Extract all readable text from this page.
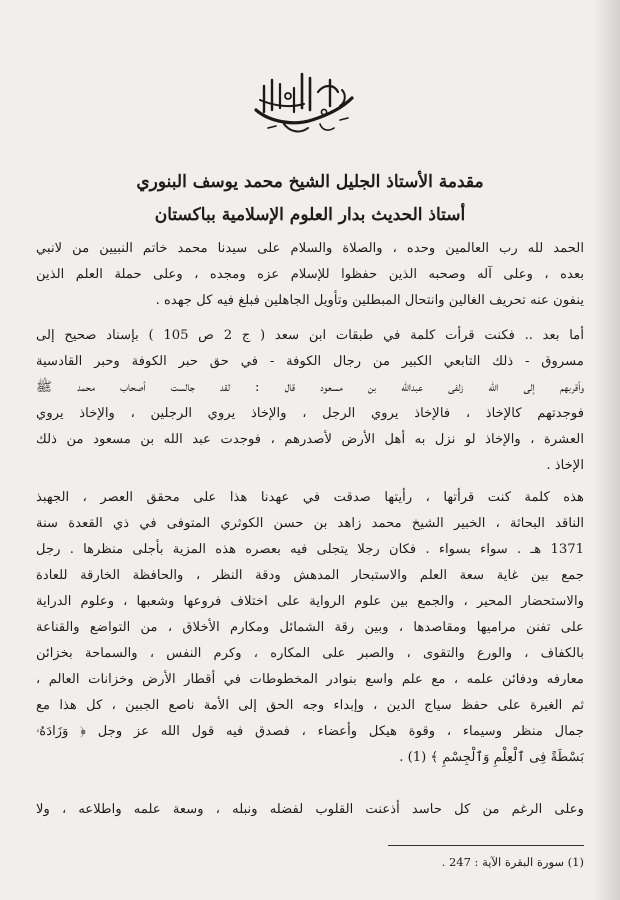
مقدمة الأستاذ الجليل الشيخ محمد يوسف البنوري
أستاذ الحديث بدار العلوم الإسلامية بباكستان
الحمد لله رب العالمين وحده ، والصلاة والسلام على سيدنا محمد خاتم النبيين من لانبي
بعده ، وعلى آله وصحبه الذين حفظوا للإسلام عزه ومجده ، وعلى حملة العلم الذين
ينفون عنه تحريف الغالين وانتحال المبطلين وتأويل الجاهلين فبلغ فيه كل جهده .
أما بعد .. فكنت قرأت كلمة في طبقات ابن سعد ( ج 2 ص 105 ) بإسناد صحيح إلى
مسروق - ذلك التابعي الكبير من رجال الكوفة - في حق حبر الكوفة وحبر القادسية
وأقربهم إلى الله زلفى عبدالله بن مسعود قال : لقد جالست أصحاب محمد ﷺ
فوجدتهم كالإخاذ ، فالإخاذ يروي الرجل ، والإخاذ يروي الرجلين ، والإخاذ يروي
العشرة ، والإخاذ لو نزل به أهل الأرض لأصدرهم ، فوجدت عبد الله بن مسعود من ذلك
الإخاذ .
هذه كلمة كنت قرأتها ، رأيتها صدقت في عهدنا هذا على محقق العصر ، الجهبذ
الناقد البحاثة ، الخبير الشيخ محمد زاهد بن حسن الكوثري المتوفى في ذي القعدة سنة
1371 هـ . سواء بسواء . فكان رجلا يتجلى فيه بعصره هذه المزية بأجلى منظرها . رجل
جمع بين غاية سعة العلم والاستبحار المدهش ودقة النظر ، والحافظة الخارقة للعادة
والاستحضار المحير ، والجمع بين علوم الرواية على اختلاف فروعها وشعبها ، وعلوم الدراية
على تفنن مراميها ومقاصدها ، وبين رقة الشمائل ومكارم الأخلاق ، من التواضع والقناعة
بالكفاف ، والورع والتقوى ، والصبر على المكاره ، وكرم النفس ، والسماحة بخزائن
معارفه ودفائن علمه ، مع علم واسع بنوادر المخطوطات في أقطار الأرض وخزانات العالم ،
ثم الغيرة على حفظ سياج الدين ، وإبداء وجه الحق إلى الأمة ناصع الجبين ، كل هذا مع
جمال منظر وسيماء ، وقوة هيكل وأعضاء ، فصدق فيه قول الله عز وجل ﴿ وَزَادَهُۥ
بَسْطَةً فِى ٱلْعِلْمِ وَٱلْجِسْمِ ﴾ (1) .
وعلى الرغم من كل حاسد أذعنت القلوب لفضله ونبله ، وسعة علمه واطلاعه ، ولا
(1) سورة البقرة الآية : 247 .
